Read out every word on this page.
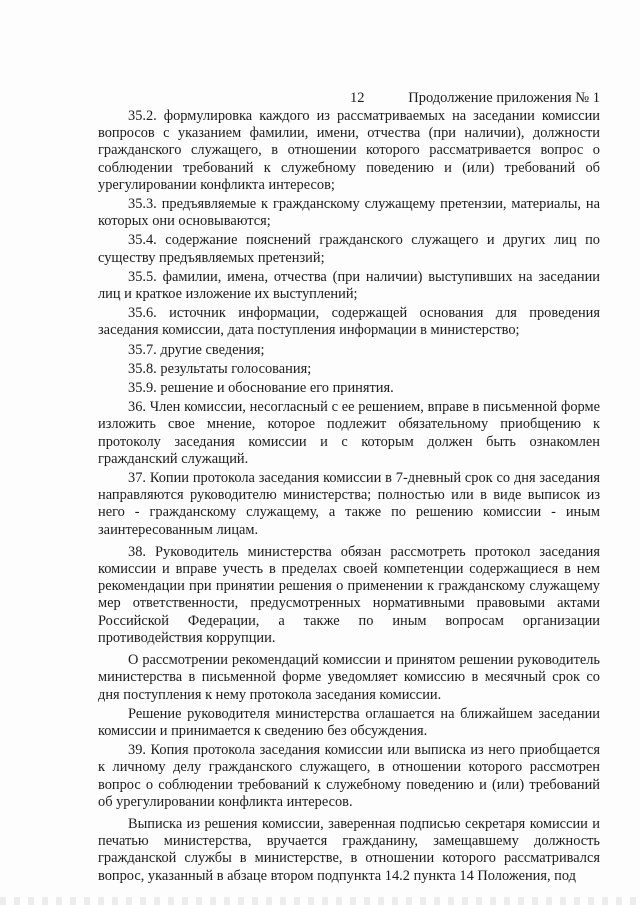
12	Продолжение приложения № 1

35.2. формулировка каждого из рассматриваемых на заседании комиссии вопросов с указанием фамилии, имени, отчества (при наличии), должности гражданского служащего, в отношении которого рассматривается вопрос о соблюдении требований к служебному поведению и (или) требований об урегулировании конфликта интересов;

35.3. предъявляемые к гражданскому служащему претензии, материалы, на которых они основываются;

35.4. содержание пояснений гражданского служащего и других лиц по существу предъявляемых претензий;

35.5. фамилии, имена, отчества (при наличии) выступивших на заседании лиц и краткое изложение их выступлений;

35.6. источник информации, содержащей основания для проведения заседания комиссии, дата поступления информации в министерство;

35.7. другие сведения;

35.8. результаты голосования;

35.9. решение и обоснование его принятия.

36. Член комиссии, несогласный с ее решением, вправе в письменной форме изложить свое мнение, которое подлежит обязательному приобщению к протоколу заседания комиссии и с которым должен быть ознакомлен гражданский служащий.

37. Копии протокола заседания комиссии в 7-дневный срок со дня заседания направляются руководителю министерства; полностью или в виде выписок из него - гражданскому служащему, а также по решению комиссии - иным заинтересованным лицам.

38. Руководитель министерства обязан рассмотреть протокол заседания комиссии и вправе учесть в пределах своей компетенции содержащиеся в нем рекомендации при принятии решения о применении к гражданскому служащему мер ответственности, предусмотренных нормативными правовыми актами Российской Федерации, а также по иным вопросам организации противодействия коррупции.

О рассмотрении рекомендаций комиссии и принятом решении руководитель министерства в письменной форме уведомляет комиссию в месячный срок со дня поступления к нему протокола заседания комиссии.

Решение руководителя министерства оглашается на ближайшем заседании комиссии и принимается к сведению без обсуждения.

39. Копия протокола заседания комиссии или выписка из него приобщается к личному делу гражданского служащего, в отношении которого рассмотрен вопрос о соблюдении требований к служебному поведению и (или) требований об урегулировании конфликта интересов.

Выписка из решения комиссии, заверенная подписью секретаря комиссии и печатью министерства, вручается гражданину, замещавшему должность гражданской службы в министерстве, в отношении которого рассматривался вопрос, указанный в абзаце втором подпункта 14.2 пункта 14 Положения, под
